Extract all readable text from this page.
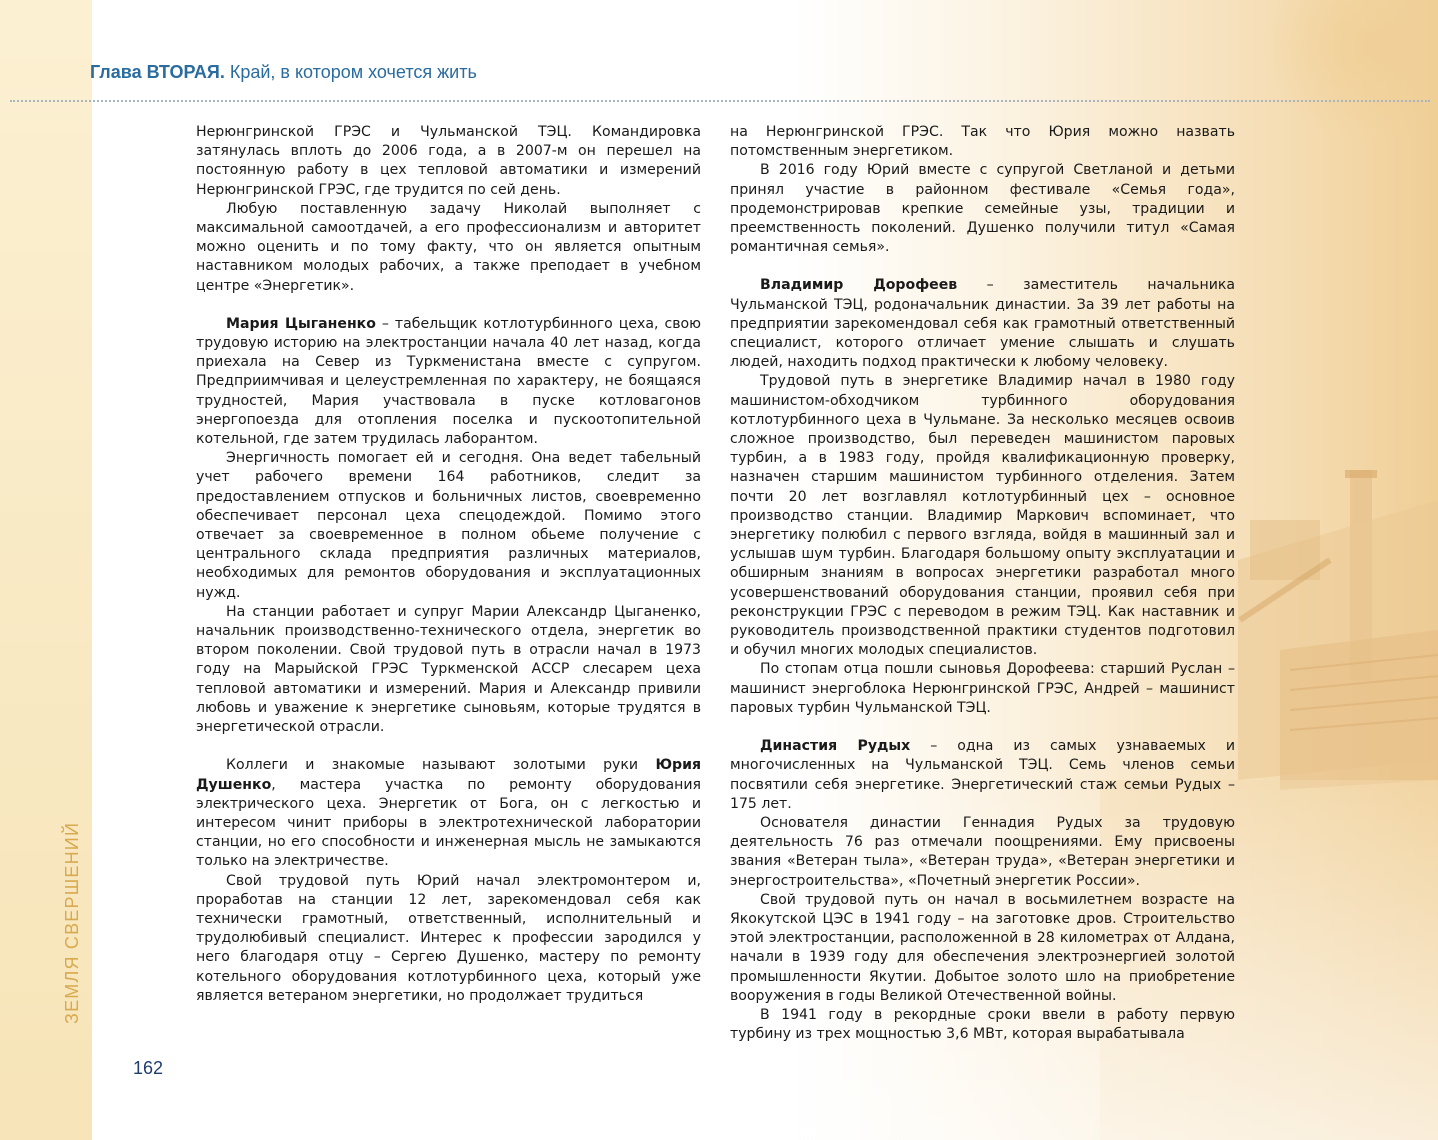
ЗЕМЛЯ СВЕРШЕНИЙ
Глава ВТОРАЯ. Край, в котором хочется жить

Нерюнгринской ГРЭС и Чульманской ТЭЦ. Командировка затянулась вплоть до 2006 года, а в 2007-м он перешел на постоянную работу в цех тепловой автоматики и измерений Нерюнгринской ГРЭС, где трудится по сей день.

Любую поставленную задачу Николай выполняет с максимальной самоотдачей, а его профессионализм и авторитет можно оценить и по тому факту, что он является опытным наставником молодых рабочих, а также преподает в учебном центре «Энергетик».

Мария Цыганенко – табельщик котлотурбинного цеха, свою трудовую историю на электростанции начала 40 лет назад, когда приехала на Север из Туркменистана вместе с супругом. Предприимчивая и целеустремленная по характеру, не боящаяся трудностей, Мария участвовала в пуске котловагонов энергопоезда для отопления поселка и пускоотопительной котельной, где затем трудилась лаборантом.

Энергичность помогает ей и сегодня. Она ведет табельный учет рабочего времени 164 работников, следит за предоставлением отпусков и больничных листов, своевременно обеспечивает персонал цеха спецодеждой. Помимо этого отвечает за своевременное в полном обьеме получение с центрального склада предприятия различных материалов, необходимых для ремонтов оборудования и эксплуатационных нужд.

На станции работает и супруг Марии Александр Цыганенко, начальник производственно-технического отдела, энергетик во втором поколении. Свой трудовой путь в отрасли начал в 1973 году на Марыйской ГРЭС Туркменской АССР слесарем цеха тепловой автоматики и измерений. Мария и Александр привили любовь и уважение к энергетике сыновьям, которые трудятся в энергетической отрасли.

Коллеги и знакомые называют золотыми руки Юрия Душенко, мастера участка по ремонту оборудования электрического цеха. Энергетик от Бога, он с легкостью и интересом чинит приборы в электротехнической лаборатории станции, но его способности и инженерная мысль не замыкаются только на электричестве.

Свой трудовой путь Юрий начал электромонтером и, проработав на станции 12 лет, зарекомендовал себя как технически грамотный, ответственный, исполнительный и трудолюбивый специалист. Интерес к профессии зародился у него благодаря отцу – Сергею Душенко, мастеру по ремонту котельного оборудования котлотурбинного цеха, который уже является ветераном энергетики, но продолжает трудиться

на Нерюнгринской ГРЭС. Так что Юрия можно назвать потомственным энергетиком.

В 2016 году Юрий вместе с супругой Светланой и детьми принял участие в районном фестивале «Семья года», продемонстрировав крепкие семейные узы, традиции и преемственность поколений. Душенко получили титул «Самая романтичная семья».

Владимир Дорофеев – заместитель начальника Чульманской ТЭЦ, родоначальник династии. За 39 лет работы на предприятии зарекомендовал себя как грамотный ответственный специалист, которого отличает умение слышать и слушать людей, находить подход практически к любому человеку.

Трудовой путь в энергетике Владимир начал в 1980 году машинистом-обходчиком турбинного оборудования котлотурбинного цеха в Чульмане. За несколько месяцев освоив сложное производство, был переведен машинистом паровых турбин, а в 1983 году, пройдя квалификационную проверку, назначен старшим машинистом турбинного отделения. Затем почти 20 лет возглавлял котлотурбинный цех – основное производство станции. Владимир Маркович вспоминает, что энергетику полюбил с первого взгляда, войдя в машинный зал и услышав шум турбин. Благодаря большому опыту эксплуатации и обширным знаниям в вопросах энергетики разработал много усовершенствований оборудования станции, проявил себя при реконструкции ГРЭС с переводом в режим ТЭЦ. Как наставник и руководитель производственной практики студентов подготовил и обучил многих молодых специалистов.

По стопам отца пошли сыновья Дорофеева: старший Руслан – машинист энергоблока Нерюнгринской ГРЭС, Андрей – машинист паровых турбин Чульманской ТЭЦ.

Династия Рудых – одна из самых узнаваемых и многочисленных на Чульманской ТЭЦ. Семь членов семьи посвятили себя энергетике. Энергетический стаж семьи Рудых – 175 лет.

Основателя династии Геннадия Рудых за трудовую деятельность 76 раз отмечали поощрениями. Ему присвоены звания «Ветеран тыла», «Ветеран труда», «Ветеран энергетики и энергостроительства», «Почетный энергетик России».

Свой трудовой путь он начал в восьмилетнем возрасте на Якокутской ЦЭС в 1941 году – на заготовке дров. Строительство этой электростанции, расположенной в 28 километрах от Алдана, начали в 1939 году для обеспечения электроэнергией золотой промышленности Якутии. Добытое золото шло на приобретение вооружения в годы Великой Отечественной войны.

В 1941 году в рекордные сроки ввели в работу первую турбину из трех мощностью 3,6 МВт, которая вырабатывала

162
